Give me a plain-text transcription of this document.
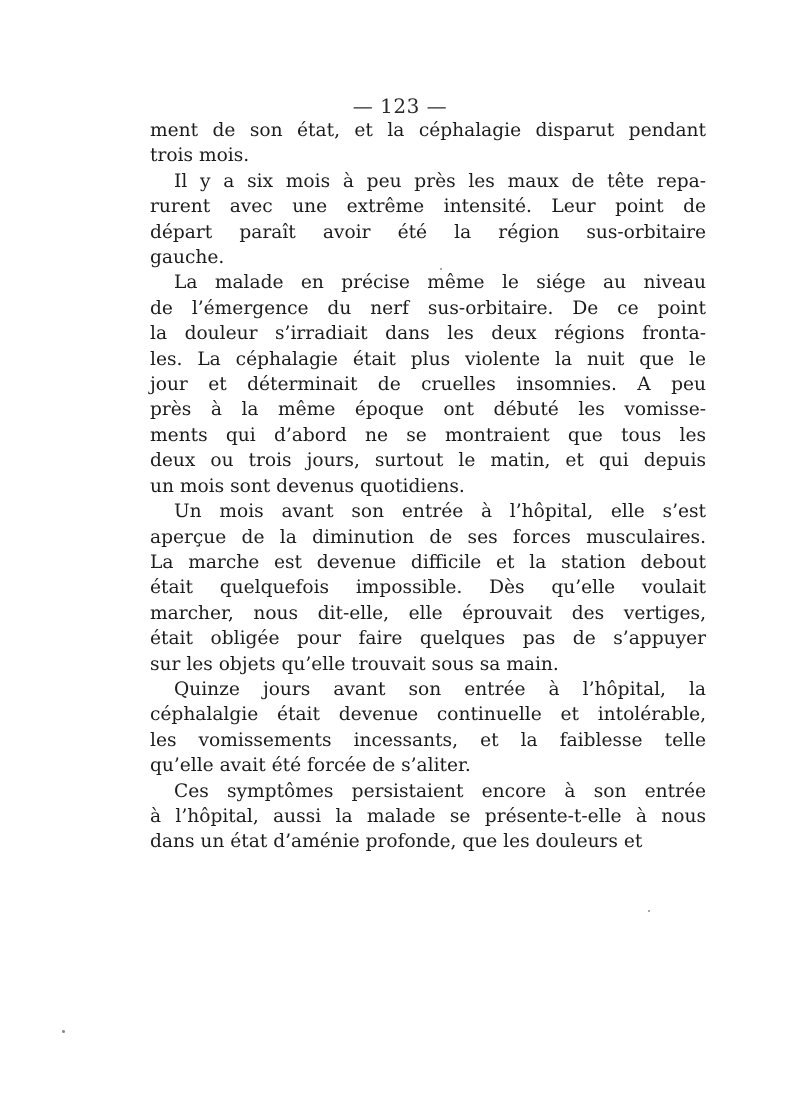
— 123 —

ment de son état, et la céphalagie disparut pendant
trois mois.

Il y a six mois à peu près les maux de tête repa-
rurent avec une extrême intensité. Leur point de
départ paraît avoir été la région sus-orbitaire
gauche.

La malade en précise même le siége au niveau
de l’émergence du nerf sus-orbitaire. De ce point
la douleur s’irradiait dans les deux régions fronta-
les. La céphalagie était plus violente la nuit que le
jour et déterminait de cruelles insomnies. A peu
près à la même époque ont débuté les vomisse-
ments qui d’abord ne se montraient que tous les
deux ou trois jours, surtout le matin, et qui depuis
un mois sont devenus quotidiens.

Un mois avant son entrée à l’hôpital, elle s’est
aperçue de la diminution de ses forces musculaires.
La marche est devenue difficile et la station debout
était quelquefois impossible. Dès qu’elle voulait
marcher, nous dit-elle, elle éprouvait des vertiges,
était obligée pour faire quelques pas de s’appuyer
sur les objets qu’elle trouvait sous sa main.

Quinze jours avant son entrée à l’hôpital, la
céphalalgie était devenue continuelle et intolérable,
les vomissements incessants, et la faiblesse telle
qu’elle avait été forcée de s’aliter.

Ces symptômes persistaient encore à son entrée
à l’hôpital, aussi la malade se présente-t-elle à nous
dans un état d’aménie profonde, que les douleurs et
